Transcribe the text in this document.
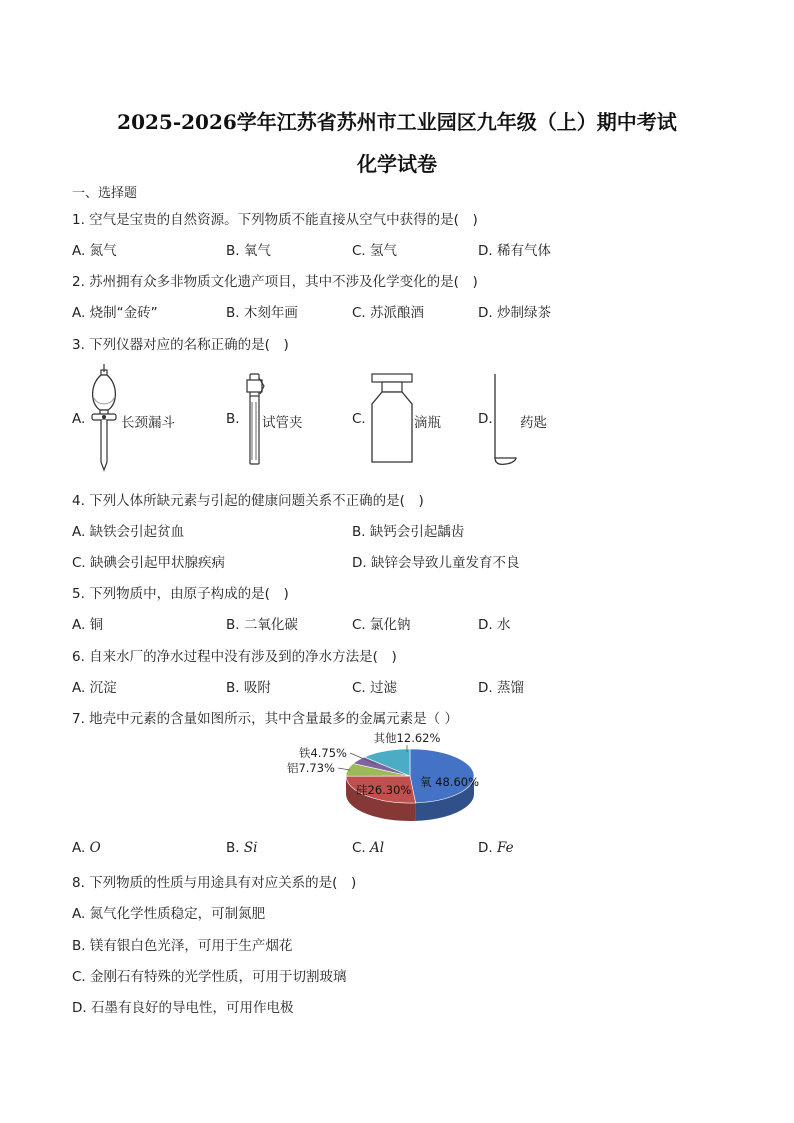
2025-2026学年江苏省苏州市工业园区九年级（上）期中考试
化学试卷
一、选择题
1. 空气是宝贵的自然资源。下列物质不能直接从空气中获得的是(　)
A. 氮气	B. 氧气	C. 氢气	D. 稀有气体
2. 苏州拥有众多非物质文化遗产项目，其中不涉及化学变化的是(　)
A. 烧制“金砖”	B. 木刻年画	C. 苏派酿酒	D. 炒制绿茶
3. 下列仪器对应的名称正确的是(　)
A.	B.	C.	D.
长颈漏斗	试管夹	滴瓶	药匙
4. 下列人体所缺元素与引起的健康问题关系不正确的是(　)
A. 缺铁会引起贫血	B. 缺钙会引起龋齿
C. 缺碘会引起甲状腺疾病	D. 缺锌会导致儿童发育不良
5. 下列物质中，由原子构成的是(　)
A. 铜	B. 二氧化碳	C. 氯化钠	D. 水
6. 自来水厂的净水过程中没有涉及到的净水方法是(　)
A. 沉淀	B. 吸附	C. 过滤	D. 蒸馏
7. 地壳中元素的含量如图所示，其中含量最多的金属元素是（ ）
氧 48.60%
硅26.30%
铝7.73%
铁4.75%
其他12.62%
A. O	B. Si	C. Al	D. Fe
8. 下列物质的性质与用途具有对应关系的是(　)
A. 氮气化学性质稳定，可制氮肥
B. 镁有银白色光泽，可用于生产烟花
C. 金刚石有特殊的光学性质，可用于切割玻璃
D. 石墨有良好的导电性，可用作电极
